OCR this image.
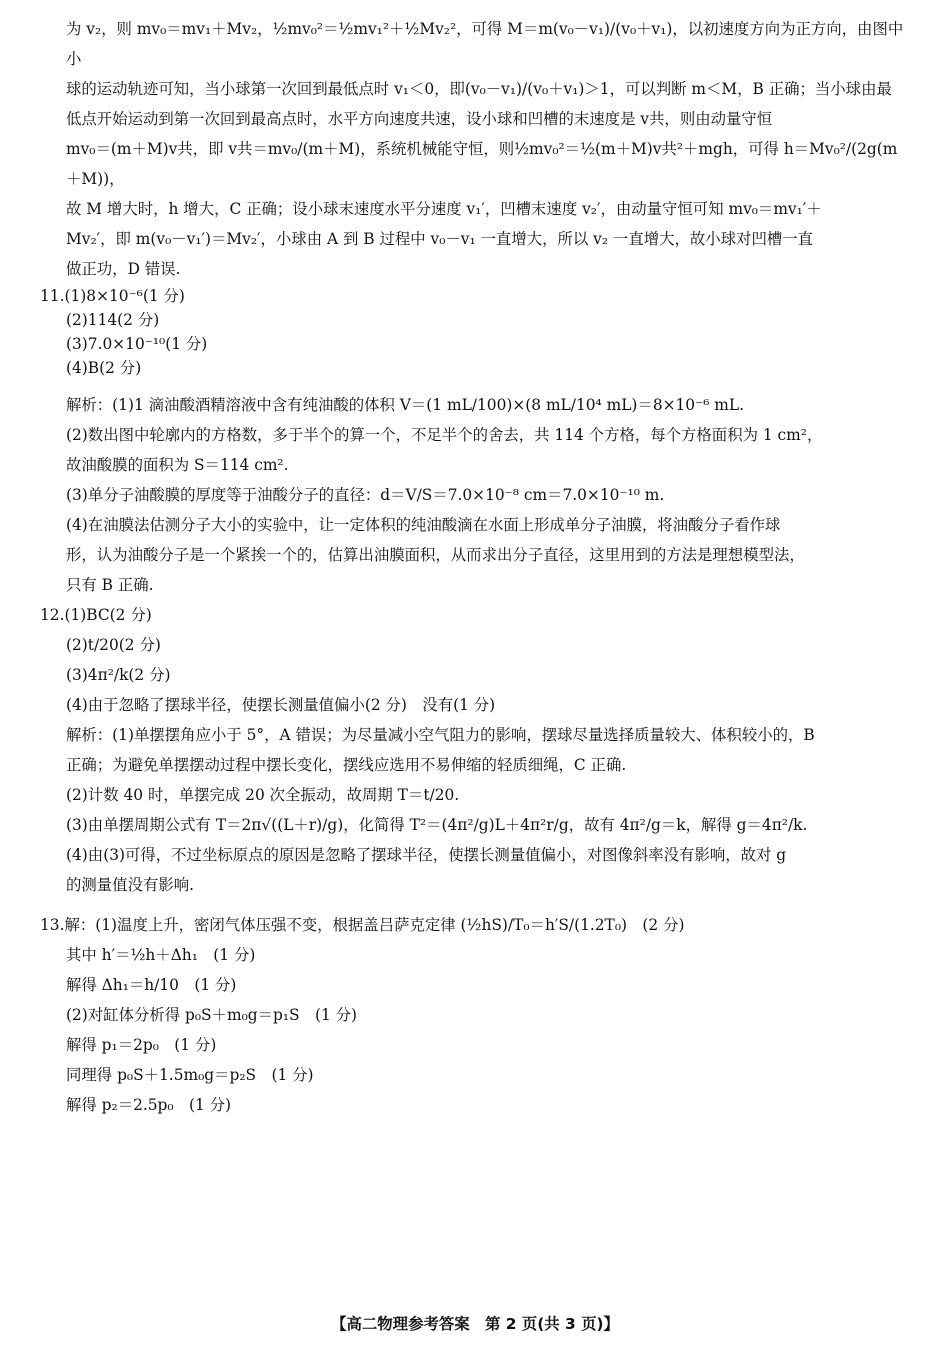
为 v₂，则 mv₀＝mv₁＋Mv₂，½mv₀²＝½mv₁²＋½Mv₂²，可得 M＝m(v₀－v₁)/(v₀＋v₁)，以初速度方向为正方向，由图中小

球的运动轨迹可知，当小球第一次回到最低点时 v₁＜0，即(v₀－v₁)/(v₀＋v₁)＞1，可以判断 m＜M，B 正确；当小球由最

低点开始运动到第一次回到最高点时，水平方向速度共速，设小球和凹槽的末速度是 v共，则由动量守恒

mv₀＝(m＋M)v共，即 v共＝mv₀/(m＋M)，系统机械能守恒，则½mv₀²＝½(m＋M)v共²＋mgh，可得 h＝Mv₀²/(2g(m＋M))，

故 M 增大时，h 增大，C 正确；设小球末速度水平分速度 v₁′，凹槽末速度 v₂′，由动量守恒可知 mv₀＝mv₁′＋

Mv₂′，即 m(v₀－v₁′)＝Mv₂′，小球由 A 到 B 过程中 v₀－v₁ 一直增大，所以 v₂ 一直增大，故小球对凹槽一直

做正功，D 错误.

11.(1)8×10⁻⁶(1 分)

(2)114(2 分)

(3)7.0×10⁻¹⁰(1 分)

(4)B(2 分)

解析：(1)1 滴油酸酒精溶液中含有纯油酸的体积 V＝(1 mL/100)×(8 mL/10⁴ mL)＝8×10⁻⁶ mL.

(2)数出图中轮廓内的方格数，多于半个的算一个，不足半个的舍去，共 114 个方格，每个方格面积为 1 cm²，

故油酸膜的面积为 S＝114 cm².

(3)单分子油酸膜的厚度等于油酸分子的直径：d＝V/S＝7.0×10⁻⁸ cm＝7.0×10⁻¹⁰ m.

(4)在油膜法估测分子大小的实验中，让一定体积的纯油酸滴在水面上形成单分子油膜，将油酸分子看作球

形，认为油酸分子是一个紧挨一个的，估算出油膜面积，从而求出分子直径，这里用到的方法是理想模型法，

只有 B 正确.

12.(1)BC(2 分)

(2)t/20(2 分)

(3)4π²/k(2 分)

(4)由于忽略了摆球半径，使摆长测量值偏小(2 分)　没有(1 分)

解析：(1)单摆摆角应小于 5°，A 错误；为尽量减小空气阻力的影响，摆球尽量选择质量较大、体积较小的，B

正确；为避免单摆摆动过程中摆长变化，摆线应选用不易伸缩的轻质细绳，C 正确.

(2)计数 40 时，单摆完成 20 次全振动，故周期 T＝t/20.

(3)由单摆周期公式有 T＝2π√((L＋r)/g)，化简得 T²＝(4π²/g)L＋4π²r/g，故有 4π²/g＝k，解得 g＝4π²/k.

(4)由(3)可得，不过坐标原点的原因是忽略了摆球半径，使摆长测量值偏小，对图像斜率没有影响，故对 g

的测量值没有影响.

13.解：(1)温度上升，密闭气体压强不变，根据盖吕萨克定律 (½hS)/T₀＝h′S/(1.2T₀)　(2 分)

其中 h′＝½h＋Δh₁　(1 分)

解得 Δh₁＝h/10　(1 分)

(2)对缸体分析得 p₀S＋m₀g＝p₁S　(1 分)

解得 p₁＝2p₀　(1 分)

同理得 p₀S＋1.5m₀g＝p₂S　(1 分)

解得 p₂＝2.5p₀　(1 分)

【高二物理参考答案　第 2 页(共 3 页)】
